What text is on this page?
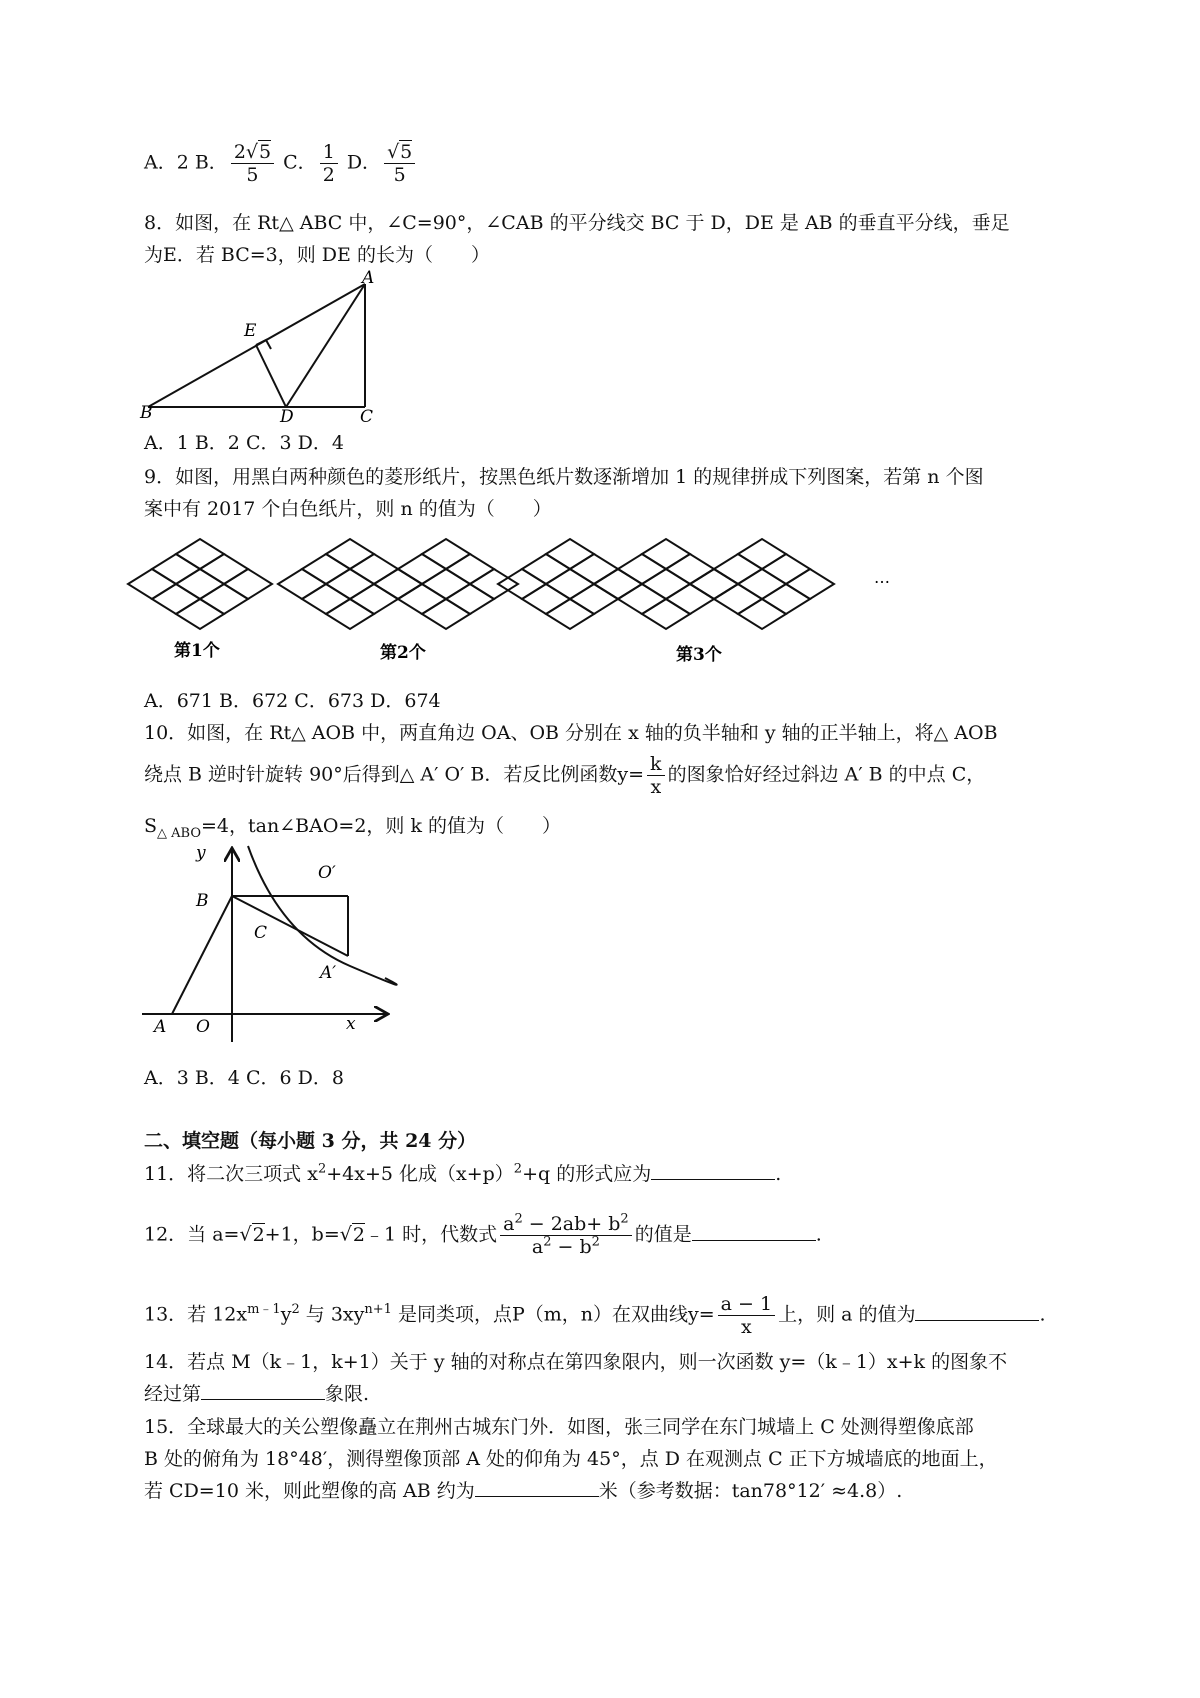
A．2 B． $\frac{2√5}{5}$ C． $\frac{1}{2}$ D． $\frac{√5}{5}$
8．如图，在 Rt△ ABC 中，∠C=90°，∠CAB 的平分线交 BC 于 D，DE 是 AB 的垂直平分线，垂足
为E．若 BC=3，则 DE 的长为（　　）
B
A
C
D
E
A．1 B．2 C．3 D．4
9．如图，用黑白两种颜色的菱形纸片，按黑色纸片数逐渐增加 1 的规律拼成下列图案，若第 n 个图
案中有 2017 个白色纸片，则 n 的值为（　　）
…
第1个	第2个	第3个
A．671 B．672 C．673 D．674
10．如图，在 Rt△ AOB 中，两直角边 OA、OB 分别在 x 轴的负半轴和 y 轴的正半轴上，将△ AOB
绕点 B 逆时针旋转 90°后得到△ A′ O′ B．若反比例函数$y= \frac{k}{x}$ 的图象恰好经过斜边 A′ B 的中点 C，
$S_{\triangle ABO}=4$，tan∠BAO=2，则 k 的值为（　　）
y
x
A O
B
C
O′
A′
A．3 B．4 C．6 D．8
二、填空题（每小题 3 分，共 24 分）
11．将二次三项式 $x^2+4x+5$ 化成$(x+p)^2+q$ 的形式应为	.
12．当 a=√2+1，b=√2﹣1 时，代数式 $\frac{a^2 - 2ab+ b^2}{a^2 - b^2}$ 的值是	.
13．若 $12x^{m﹣1}y^2$ 与 $3xy^{n+1}$ 是同类项，点P（m，n）在双曲线$y= \frac{a - 1}{x}$ 上，则 a 的值为	.
14．若点 M（k﹣1，k+1）关于 y 轴的对称点在第四象限内，则一次函数 y=（k﹣1）x+k 的图象不
经过第	象限.
15．全球最大的关公塑像矗立在荆州古城东门外．如图，张三同学在东门城墙上 C 处测得塑像底部
B 处的俯角为 18°48′，测得塑像顶部 A 处的仰角为 45°，点 D 在观测点 C 正下方城墙底的地面上，
若 CD=10 米，则此塑像的高 AB 约为	米（参考数据：tan78°12′ ≈4.8）.
